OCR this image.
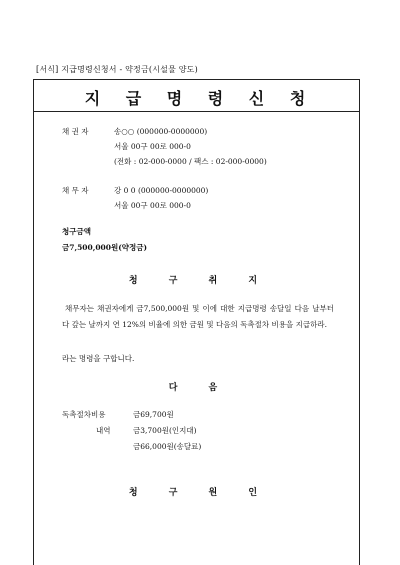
[서식] 지급명령신청서 - 약정금(시설물 양도)
지 급 명 령 신 청
채 권 자	송○○ (000000-0000000)
서울 00구 00로 000-0
(전화 : 02-000-0000 / 팩스 : 02-000-0000)
채 무 자	강 0 0 (000000-0000000)
서울 00구 00로 000-0
청구금액
금7,500,000원(약정금)
청 구 취 지
채무자는 채권자에게 금7,500,000원 및 이에 대한 지급명령 송달일 다음 날부터 다 갚는 날까지 연 12%의 비율에 의한 금원 및 다음의 독촉절차 비용을 지급하라.
라는 명령을 구합니다.
다 음
독촉절차비용	금69,700원
내역	금3,700원(인지대)
금66,000원(송달료)
청 구 원 인
